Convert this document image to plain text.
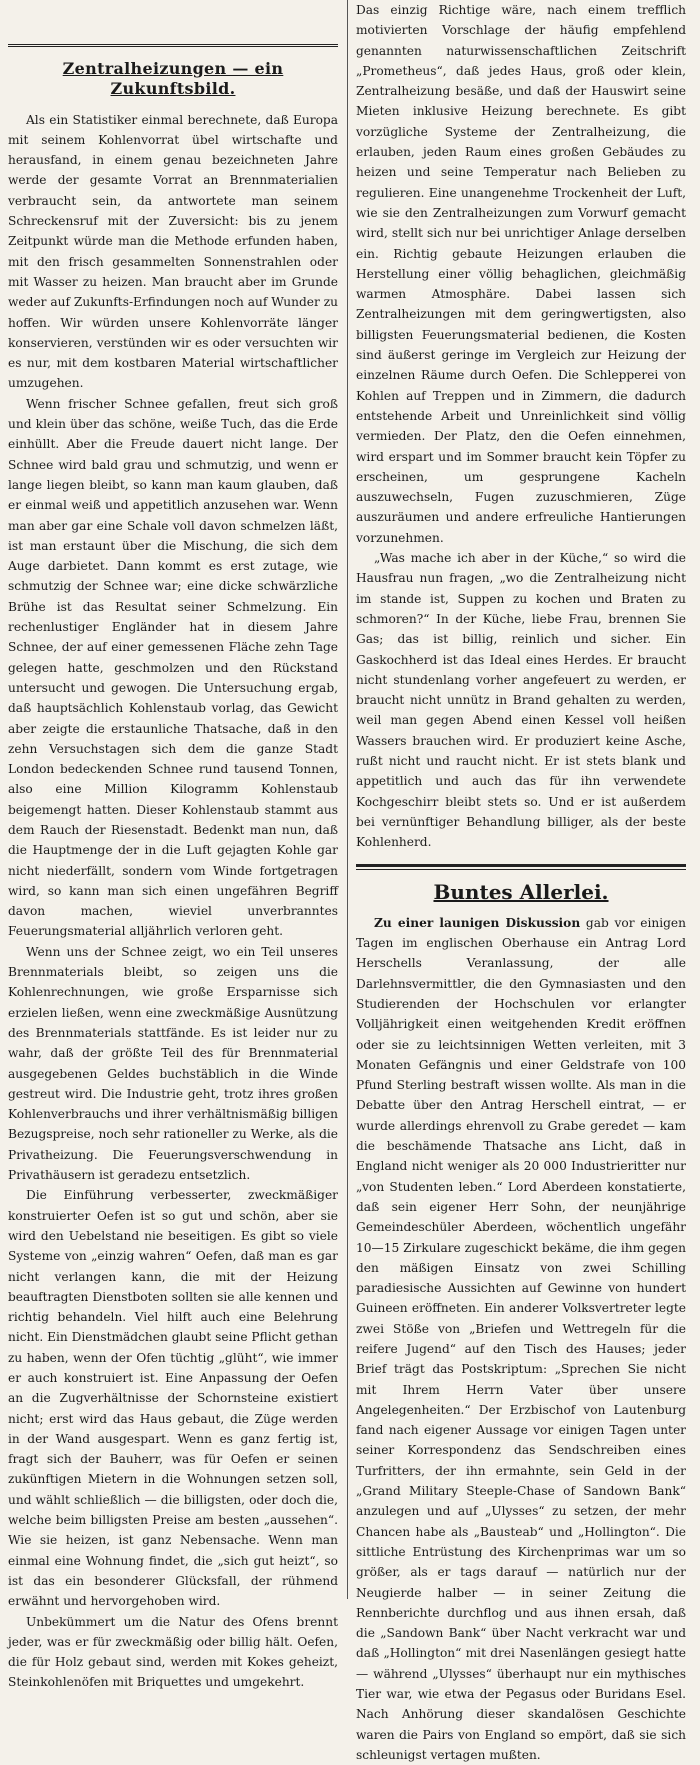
Zentralheizungen — ein Zukunftsbild.

Als ein Statistiker einmal berechnete, daß Europa mit seinem Kohlenvorrat übel wirtschafte und herausfand, in einem genau bezeichneten Jahre werde der gesamte Vorrat an Brennmaterialien verbraucht sein, da antwortete man seinem Schreckensruf mit der Zuversicht: bis zu jenem Zeitpunkt würde man die Methode erfunden haben, mit den frisch gesammelten Sonnenstrahlen oder mit Wasser zu heizen. Man braucht aber im Grunde weder auf Zukunfts-Erfindungen noch auf Wunder zu hoffen. Wir würden unsere Kohlenvorräte länger konservieren, verstünden wir es oder versuchten wir es nur, mit dem kostbaren Material wirtschaftlicher umzugehen.

Wenn frischer Schnee gefallen, freut sich groß und klein über das schöne, weiße Tuch, das die Erde einhüllt. Aber die Freude dauert nicht lange. Der Schnee wird bald grau und schmutzig, und wenn er lange liegen bleibt, so kann man kaum glauben, daß er einmal weiß und appetitlich anzusehen war. Wenn man aber gar eine Schale voll davon schmelzen läßt, ist man erstaunt über die Mischung, die sich dem Auge darbietet. Dann kommt es erst zutage, wie schmutzig der Schnee war; eine dicke schwärzliche Brühe ist das Resultat seiner Schmelzung. Ein rechenlustiger Engländer hat in diesem Jahre Schnee, der auf einer gemessenen Fläche zehn Tage gelegen hatte, geschmolzen und den Rückstand untersucht und gewogen. Die Untersuchung ergab, daß hauptsächlich Kohlenstaub vorlag, das Gewicht aber zeigte die erstaunliche Thatsache, daß in den zehn Versuchstagen sich dem die ganze Stadt London bedeckenden Schnee rund tausend Tonnen, also eine Million Kilogramm Kohlenstaub beigemengt hatten. Dieser Kohlenstaub stammt aus dem Rauch der Riesenstadt. Bedenkt man nun, daß die Hauptmenge der in die Luft gejagten Kohle gar nicht niederfällt, sondern vom Winde fortgetragen wird, so kann man sich einen ungefähren Begriff davon machen, wieviel unverbranntes Feuerungsmaterial alljährlich verloren geht.

Wenn uns der Schnee zeigt, wo ein Teil unseres Brennmaterials bleibt, so zeigen uns die Kohlenrechnungen, wie große Ersparnisse sich erzielen ließen, wenn eine zweckmäßige Ausnützung des Brennmaterials stattfände. Es ist leider nur zu wahr, daß der größte Teil des für Brennmaterial ausgegebenen Geldes buchstäblich in die Winde gestreut wird. Die Industrie geht, trotz ihres großen Kohlenverbrauchs und ihrer verhältnismäßig billigen Bezugspreise, noch sehr rationeller zu Werke, als die Privatheizung. Die Feuerungsverschwendung in Privathäusern ist geradezu entsetzlich.

Die Einführung verbesserter, zweckmäßiger konstruierter Oefen ist so gut und schön, aber sie wird den Uebelstand nie beseitigen. Es gibt so viele Systeme von „einzig wahren“ Oefen, daß man es gar nicht verlangen kann, die mit der Heizung beauftragten Dienstboten sollten sie alle kennen und richtig behandeln. Viel hilft auch eine Belehrung nicht. Ein Dienstmädchen glaubt seine Pflicht gethan zu haben, wenn der Ofen tüchtig „glüht“, wie immer er auch konstruiert ist. Eine Anpassung der Oefen an die Zugverhältnisse der Schornsteine existiert nicht; erst wird das Haus gebaut, die Züge werden in der Wand ausgespart. Wenn es ganz fertig ist, fragt sich der Bauherr, was für Oefen er seinen zukünftigen Mietern in die Wohnungen setzen soll, und wählt schließlich — die billigsten, oder doch die, welche beim billigsten Preise am besten „aussehen“. Wie sie heizen, ist ganz Nebensache. Wenn man einmal eine Wohnung findet, die „sich gut heizt“, so ist das ein besonderer Glücksfall, der rühmend erwähnt und hervorgehoben wird.

Unbekümmert um die Natur des Ofens brennt jeder, was er für zweckmäßig oder billig hält. Oefen, die für Holz gebaut sind, werden mit Kokes geheizt, Steinkohlenöfen mit Briquettes und umgekehrt.

Das einzig Richtige wäre, nach einem trefflich motivierten Vorschlage der häufig empfehlend genannten naturwissenschaftlichen Zeitschrift „Prometheus“, daß jedes Haus, groß oder klein, Zentralheizung besäße, und daß der Hauswirt seine Mieten inklusive Heizung berechnete. Es gibt vorzügliche Systeme der Zentralheizung, die erlauben, jeden Raum eines großen Gebäudes zu heizen und seine Temperatur nach Belieben zu regulieren. Eine unangenehme Trockenheit der Luft, wie sie den Zentralheizungen zum Vorwurf gemacht wird, stellt sich nur bei unrichtiger Anlage derselben ein. Richtig gebaute Heizungen erlauben die Herstellung einer völlig behaglichen, gleichmäßig warmen Atmosphäre. Dabei lassen sich Zentralheizungen mit dem geringwertigsten, also billigsten Feuerungsmaterial bedienen, die Kosten sind äußerst geringe im Vergleich zur Heizung der einzelnen Räume durch Oefen. Die Schlepperei von Kohlen auf Treppen und in Zimmern, die dadurch entstehende Arbeit und Unreinlichkeit sind völlig vermieden. Der Platz, den die Oefen einnehmen, wird erspart und im Sommer braucht kein Töpfer zu erscheinen, um gesprungene Kacheln auszuwechseln, Fugen zuzuschmieren, Züge auszuräumen und andere erfreuliche Hantierungen vorzunehmen.

„Was mache ich aber in der Küche,“ so wird die Hausfrau nun fragen, „wo die Zentralheizung nicht im stande ist, Suppen zu kochen und Braten zu schmoren?“ In der Küche, liebe Frau, brennen Sie Gas; das ist billig, reinlich und sicher. Ein Gaskochherd ist das Ideal eines Herdes. Er braucht nicht stundenlang vorher angefeuert zu werden, er braucht nicht unnütz in Brand gehalten zu werden, weil man gegen Abend einen Kessel voll heißen Wassers brauchen wird. Er produziert keine Asche, rußt nicht und raucht nicht. Er ist stets blank und appetitlich und auch das für ihn verwendete Kochgeschirr bleibt stets so. Und er ist außerdem bei vernünftiger Behandlung billiger, als der beste Kohlenherd.

Buntes Allerlei.

Zu einer launigen Diskussion gab vor einigen Tagen im englischen Oberhause ein Antrag Lord Herschells Veranlassung, der alle Darlehnsvermittler, die den Gymnasiasten und den Studierenden der Hochschulen vor erlangter Volljährigkeit einen weitgehenden Kredit eröffnen oder sie zu leichtsinnigen Wetten verleiten, mit 3 Monaten Gefängnis und einer Geldstrafe von 100 Pfund Sterling bestraft wissen wollte. Als man in die Debatte über den Antrag Herschell eintrat, — er wurde allerdings ehrenvoll zu Grabe geredet — kam die beschämende Thatsache ans Licht, daß in England nicht weniger als 20 000 Industrieritter nur „von Studenten leben.“ Lord Aberdeen konstatierte, daß sein eigener Herr Sohn, der neunjährige Gemeindeschüler Aberdeen, wöchentlich ungefähr 10—15 Zirkulare zugeschickt bekäme, die ihm gegen den mäßigen Einsatz von zwei Schilling paradiesische Aussichten auf Gewinne von hundert Guineen eröffneten. Ein anderer Volksvertreter legte zwei Stöße von „Briefen und Wettregeln für die reifere Jugend“ auf den Tisch des Hauses; jeder Brief trägt das Postskriptum: „Sprechen Sie nicht mit Ihrem Herrn Vater über unsere Angelegenheiten.“ Der Erzbischof von Lautenburg fand nach eigener Aussage vor einigen Tagen unter seiner Korrespondenz das Sendschreiben eines Turfritters, der ihn ermahnte, sein Geld in der „Grand Military Steeple-Chase of Sandown Bank“ anzulegen und auf „Ulysses“ zu setzen, der mehr Chancen habe als „Bausteab“ und „Hollington“. Die sittliche Entrüstung des Kirchenprimas war um so größer, als er tags darauf — natürlich nur der Neugierde halber — in seiner Zeitung die Rennberichte durchflog und aus ihnen ersah, daß die „Sandown Bank“ über Nacht verkracht war und daß „Hollington“ mit drei Nasenlängen gesiegt hatte — während „Ulysses“ überhaupt nur ein mythisches Tier war, wie etwa der Pegasus oder Buridans Esel. Nach Anhörung dieser skandalösen Geschichte waren die Pairs von England so empört, daß sie sich schleunigst vertagen mußten.
